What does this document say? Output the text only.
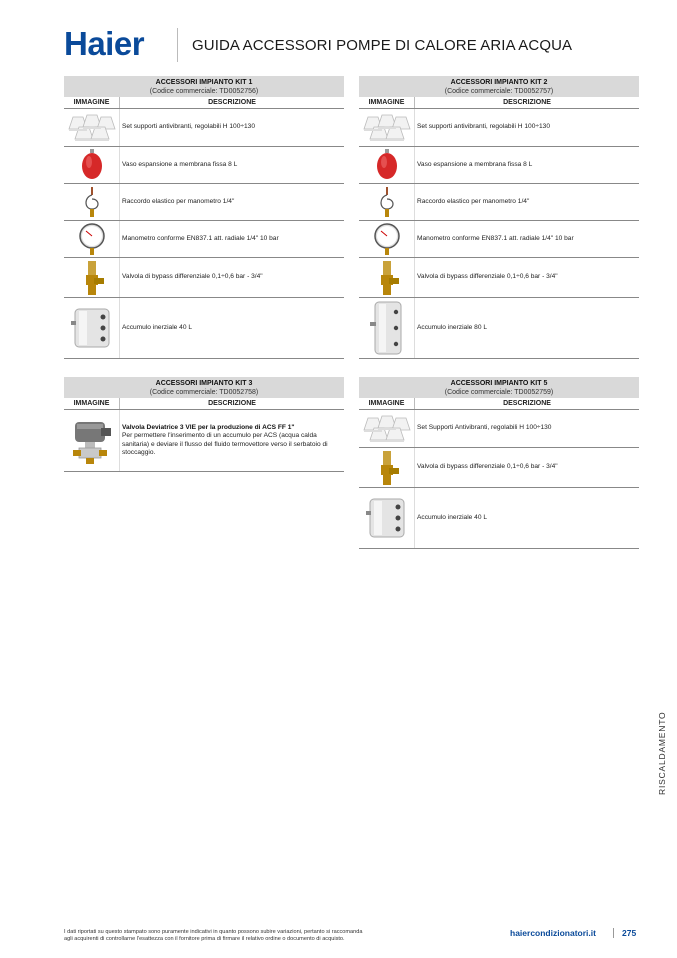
Haier	GUIDA ACCESSORI POMPE DI CALORE ARIA ACQUA
ACCESSORI IMPIANTO KIT 1
(Codice commerciale: TD0052756)
IMMAGINE	DESCRIZIONE
Set supporti antivibranti, regolabili H 100÷130
Vaso espansione a membrana fissa 8 L
Raccordo elastico per manometro 1/4"
Manometro conforme EN837.1 att. radiale 1/4" 10 bar
Valvola di bypass differenziale 0,1÷0,6 bar - 3/4"
Accumulo inerziale 40 L
ACCESSORI IMPIANTO KIT 2
(Codice commerciale: TD0052757)
IMMAGINE	DESCRIZIONE
Set supporti antivibranti, regolabili H 100÷130
Vaso espansione a membrana fissa 8 L
Raccordo elastico per manometro 1/4"
Manometro conforme EN837.1 att. radiale 1/4" 10 bar
Valvola di bypass differenziale 0,1÷0,6 bar - 3/4"
Accumulo inerziale 80 L
ACCESSORI IMPIANTO KIT 3
(Codice commerciale: TD0052758)
IMMAGINE	DESCRIZIONE
Valvola Deviatrice 3 VIE per la produzione di ACS FF 1"
Per permettere l'inserimento di un accumulo per ACS (acqua calda sanitaria) e deviare il flusso del fluido termovettore verso il serbatoio di stoccaggio.
ACCESSORI IMPIANTO KIT 5
(Codice commerciale: TD0052759)
IMMAGINE	DESCRIZIONE
Set Supporti Antivibranti, regolabili H 100÷130
Valvola di bypass differenziale 0,1÷0,6 bar - 3/4"
Accumulo inerziale 40 L
RISCALDAMENTO
I dati riportati su questo stampato sono puramente indicativi in quanto possono subire variazioni, pertanto si raccomanda
agli acquirenti di controllarne l'esattezza con il fornitore prima di firmare il relativo ordine o documento di acquisto.
haiercondizionatori.it	275
